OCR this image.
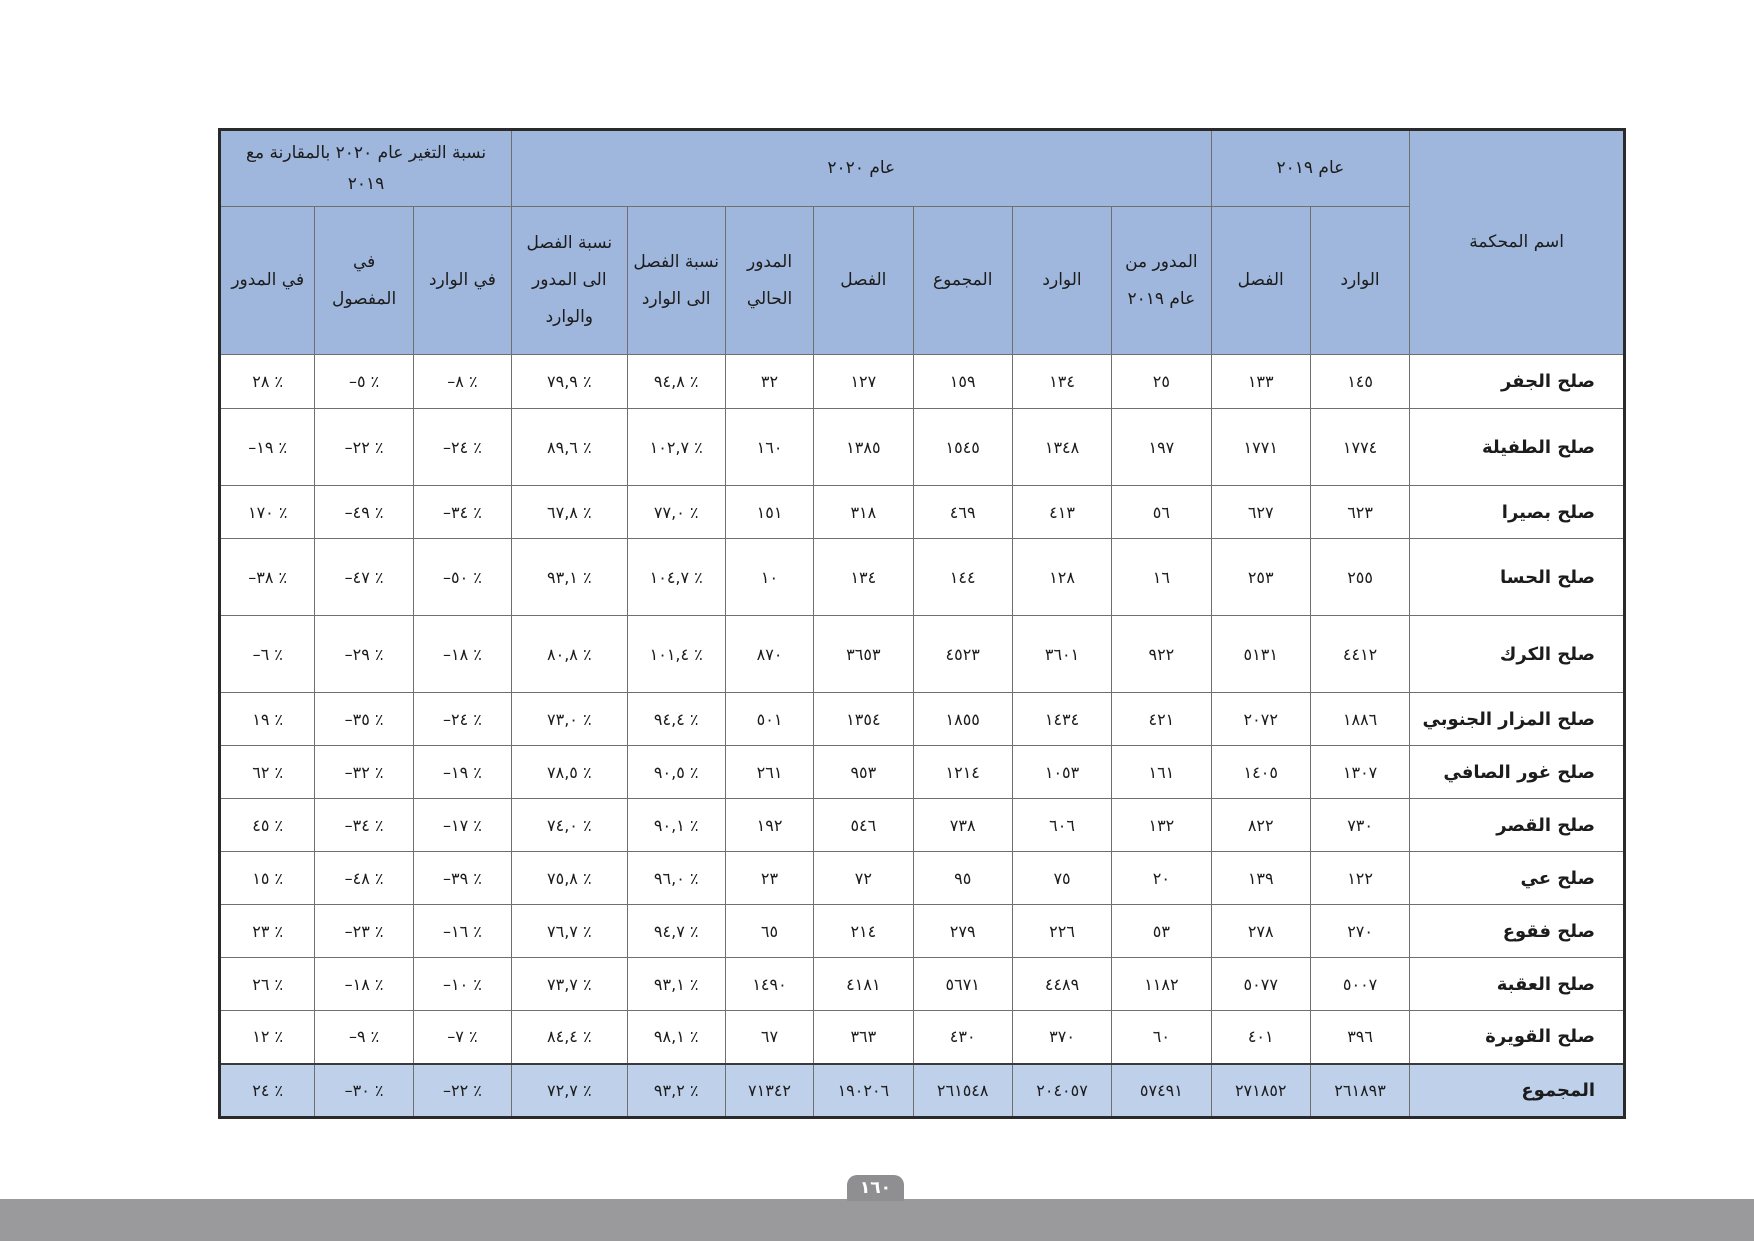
اسم المحكمة	عام ٢٠١٩		عام ٢٠٢٠							نسبة التغير عام ٢٠٢٠ بالمقارنة مع ٢٠١٩		
	الوارد	الفصل	المدور من عام ٢٠١٩	الوارد	المجموع	الفصل	المدور الحالي	نسبة الفصل الى الوارد	نسبة الفصل الى المدور والوارد	في الوارد	في المفصول	في المدور
صلح الجفر	١٤٥	١٣٣	٢٥	١٣٤	١٥٩	١٢٧	٣٢	٪ ٩٤,٨	٪ ٧٩,٩	٪ ٨–	٪ ٥–	٪ ٢٨
صلح الطفيلة	١٧٧٤	١٧٧١	١٩٧	١٣٤٨	١٥٤٥	١٣٨٥	١٦٠	٪ ١٠٢,٧	٪ ٨٩,٦	٪ ٢٤–	٪ ٢٢–	٪ ١٩–
صلح بصيرا	٦٢٣	٦٢٧	٥٦	٤١٣	٤٦٩	٣١٨	١٥١	٪ ٧٧,٠	٪ ٦٧,٨	٪ ٣٤–	٪ ٤٩–	٪ ١٧٠
صلح الحسا	٢٥٥	٢٥٣	١٦	١٢٨	١٤٤	١٣٤	١٠	٪ ١٠٤,٧	٪ ٩٣,١	٪ ٥٠–	٪ ٤٧–	٪ ٣٨–
صلح الكرك	٤٤١٢	٥١٣١	٩٢٢	٣٦٠١	٤٥٢٣	٣٦٥٣	٨٧٠	٪ ١٠١,٤	٪ ٨٠,٨	٪ ١٨–	٪ ٢٩–	٪ ٦–
صلح المزار الجنوبي	١٨٨٦	٢٠٧٢	٤٢١	١٤٣٤	١٨٥٥	١٣٥٤	٥٠١	٪ ٩٤,٤	٪ ٧٣,٠	٪ ٢٤–	٪ ٣٥–	٪ ١٩
صلح غور الصافي	١٣٠٧	١٤٠٥	١٦١	١٠٥٣	١٢١٤	٩٥٣	٢٦١	٪ ٩٠,٥	٪ ٧٨,٥	٪ ١٩–	٪ ٣٢–	٪ ٦٢
صلح القصر	٧٣٠	٨٢٢	١٣٢	٦٠٦	٧٣٨	٥٤٦	١٩٢	٪ ٩٠,١	٪ ٧٤,٠	٪ ١٧–	٪ ٣٤–	٪ ٤٥
صلح عي	١٢٢	١٣٩	٢٠	٧٥	٩٥	٧٢	٢٣	٪ ٩٦,٠	٪ ٧٥,٨	٪ ٣٩–	٪ ٤٨–	٪ ١٥
صلح فقوع	٢٧٠	٢٧٨	٥٣	٢٢٦	٢٧٩	٢١٤	٦٥	٪ ٩٤,٧	٪ ٧٦,٧	٪ ١٦–	٪ ٢٣–	٪ ٢٣
صلح العقبة	٥٠٠٧	٥٠٧٧	١١٨٢	٤٤٨٩	٥٦٧١	٤١٨١	١٤٩٠	٪ ٩٣,١	٪ ٧٣,٧	٪ ١٠–	٪ ١٨–	٪ ٢٦
صلح القويرة	٣٩٦	٤٠١	٦٠	٣٧٠	٤٣٠	٣٦٣	٦٧	٪ ٩٨,١	٪ ٨٤,٤	٪ ٧–	٪ ٩–	٪ ١٢
المجموع	٢٦١٨٩٣	٢٧١٨٥٢	٥٧٤٩١	٢٠٤٠٥٧	٢٦١٥٤٨	١٩٠٢٠٦	٧١٣٤٢	٪ ٩٣,٢	٪ ٧٢,٧	٪ ٢٢–	٪ ٣٠–	٪ ٢٤
١٦٠
